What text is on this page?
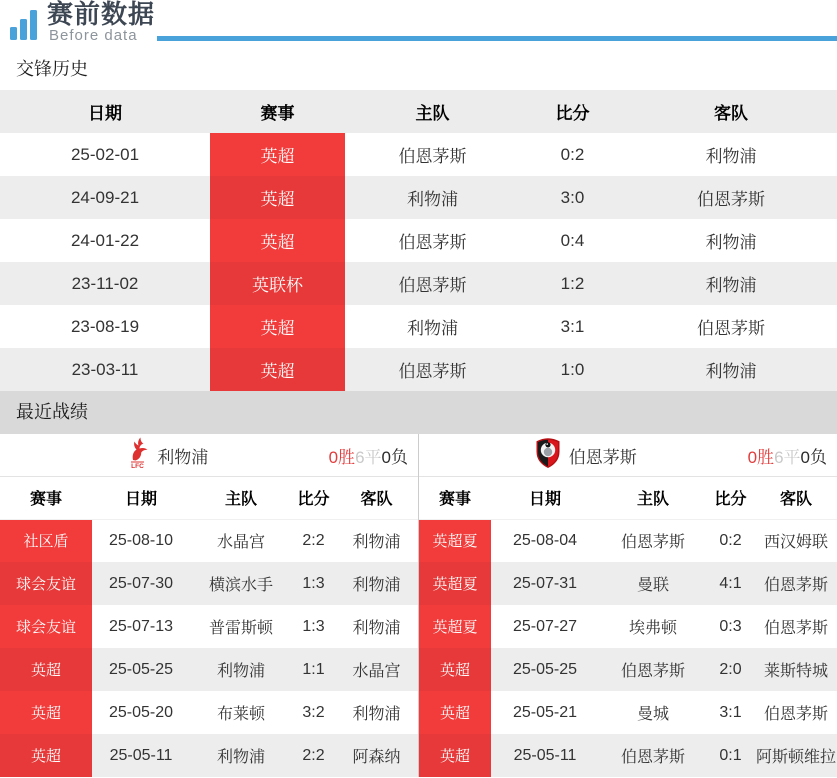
赛前数据
Before data
交锋历史
日期	赛事	主队	比分	客队
25-02-01	英超	伯恩茅斯	0:2	利物浦
24-09-21	英超	利物浦	3:0	伯恩茅斯
24-01-22	英超	伯恩茅斯	0:4	利物浦
23-11-02	英联杯	伯恩茅斯	1:2	利物浦
23-08-19	英超	利物浦	3:1	伯恩茅斯
23-03-11	英超	伯恩茅斯	1:0	利物浦
最近战绩
LFC 利物浦	0胜6平0负
赛事	日期	主队	比分	客队
社区盾	25-08-10	水晶宫	2:2	利物浦
球会友谊	25-07-30	横滨水手	1:3	利物浦
球会友谊	25-07-13	普雷斯顿	1:3	利物浦
英超	25-05-25	利物浦	1:1	水晶宫
英超	25-05-20	布莱顿	3:2	利物浦
英超	25-05-11	利物浦	2:2	阿森纳
伯恩茅斯	0胜6平0负
赛事	日期	主队	比分	客队
英超夏	25-08-04	伯恩茅斯	0:2	西汉姆联
英超夏	25-07-31	曼联	4:1	伯恩茅斯
英超夏	25-07-27	埃弗顿	0:3	伯恩茅斯
英超	25-05-25	伯恩茅斯	2:0	莱斯特城
英超	25-05-21	曼城	3:1	伯恩茅斯
英超	25-05-11	伯恩茅斯	0:1	阿斯顿维拉
